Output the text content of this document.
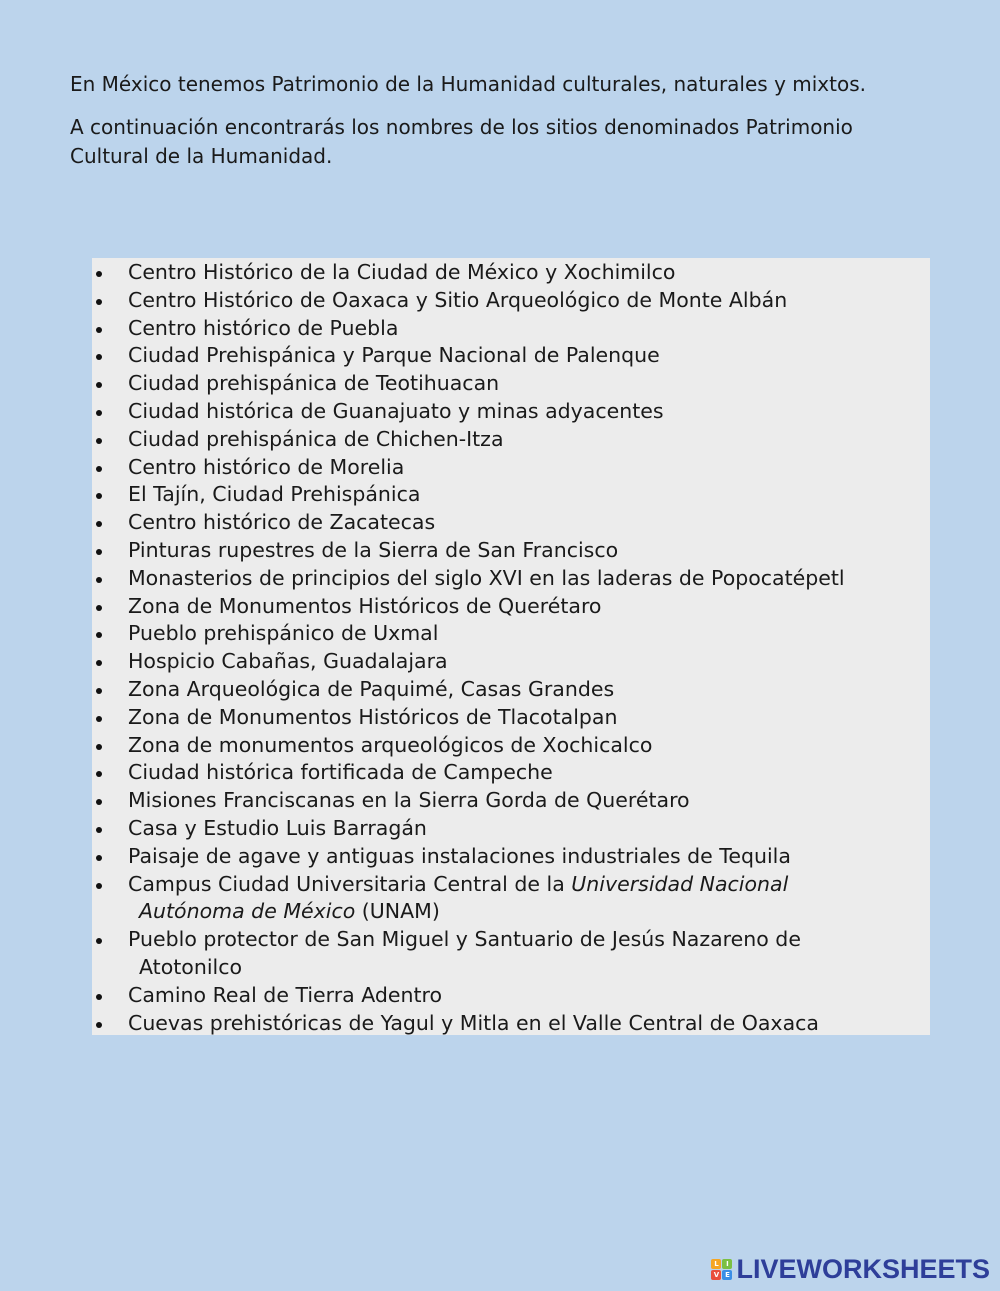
En México tenemos Patrimonio de la Humanidad culturales, naturales y mixtos.

A continuación encontrarás los nombres de los sitios denominados Patrimonio Cultural de la Humanidad.

Centro Histórico de la Ciudad de México y Xochimilco
Centro Histórico de Oaxaca y Sitio Arqueológico de Monte Albán
Centro histórico de Puebla
Ciudad Prehispánica y Parque Nacional de Palenque
Ciudad prehispánica de Teotihuacan
Ciudad histórica de Guanajuato y minas adyacentes
Ciudad prehispánica de Chichen-Itza
Centro histórico de Morelia
El Tajín, Ciudad Prehispánica
Centro histórico de Zacatecas
Pinturas rupestres de la Sierra de San Francisco
Monasterios de principios del siglo XVI en las laderas de Popocatépetl
Zona de Monumentos Históricos de Querétaro
Pueblo prehispánico de Uxmal
Hospicio Cabañas, Guadalajara
Zona Arqueológica de Paquimé, Casas Grandes
Zona de Monumentos Históricos de Tlacotalpan
Zona de monumentos arqueológicos de Xochicalco
Ciudad histórica fortificada de Campeche
Misiones Franciscanas en la Sierra Gorda de Querétaro
Casa y Estudio Luis Barragán
Paisaje de agave y antiguas instalaciones industriales de Tequila
Campus Ciudad Universitaria Central de la Universidad Nacional
Autónoma de México (UNAM)
Pueblo protector de San Miguel y Santuario de Jesús Nazareno de
Atotonilco
Camino Real de Tierra Adentro
Cuevas prehistóricas de Yagul y Mitla en el Valle Central de Oaxaca
L	I
V E LIVEWORKSHEETS
